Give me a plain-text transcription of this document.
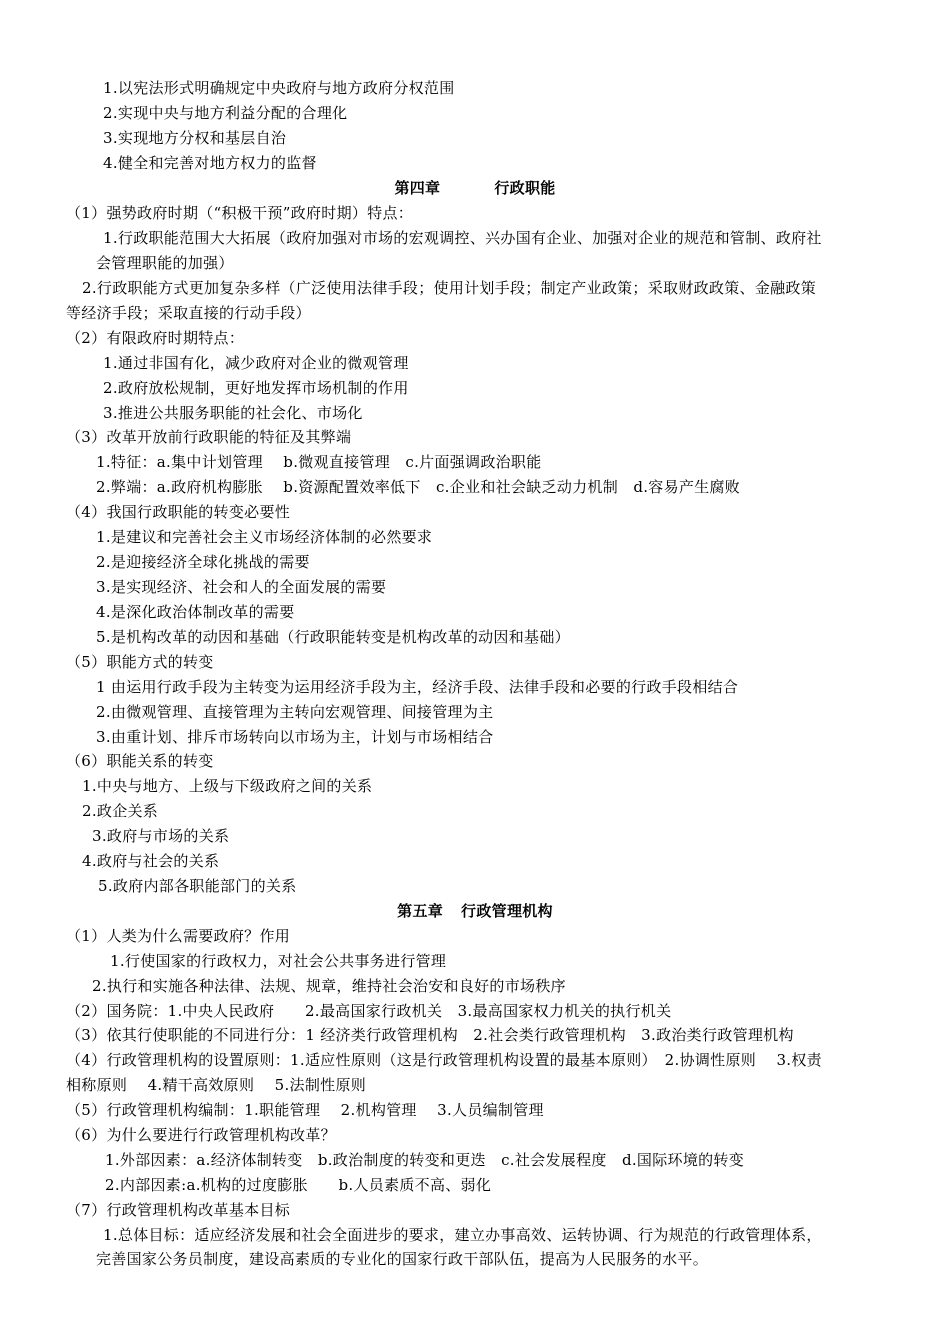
1.以宪法形式明确规定中央政府与地方政府分权范围
2.实现中央与地方利益分配的合理化
3.实现地方分权和基层自治
4.健全和完善对地方权力的监督
第四章	行政职能
（1）强势政府时期（“积极干预”政府时期）特点：
1.行政职能范围大大拓展（政府加强对市场的宏观调控、兴办国有企业、加强对企业的规范和管制、政府社
会管理职能的加强）
2.行政职能方式更加复杂多样（广泛使用法律手段；使用计划手段；制定产业政策；采取财政政策、金融政策
等经济手段；采取直接的行动手段）
（2）有限政府时期特点：
1.通过非国有化，减少政府对企业的微观管理
2.政府放松规制，更好地发挥市场机制的作用
3.推进公共服务职能的社会化、市场化
（3）改革开放前行政职能的特征及其弊端
1.特征：a.集中计划管理　 b.微观直接管理　c.片面强调政治职能
2.弊端：a.政府机构膨胀　 b.资源配置效率低下　c.企业和社会缺乏动力机制　d.容易产生腐败
（4）我国行政职能的转变必要性
1.是建议和完善社会主义市场经济体制的必然要求
2.是迎接经济全球化挑战的需要
3.是实现经济、社会和人的全面发展的需要
4.是深化政治体制改革的需要
5.是机构改革的动因和基础（行政职能转变是机构改革的动因和基础）
（5）职能方式的转变
1 由运用行政手段为主转变为运用经济手段为主，经济手段、法律手段和必要的行政手段相结合
2.由微观管理、直接管理为主转向宏观管理、间接管理为主
3.由重计划、排斥市场转向以市场为主，计划与市场相结合
（6）职能关系的转变
1.中央与地方、上级与下级政府之间的关系
2.政企关系
3.政府与市场的关系
4.政府与社会的关系
5.政府内部各职能部门的关系
第五章 行政管理机构
（1）人类为什么需要政府？作用
1.行使国家的行政权力，对社会公共事务进行管理
2.执行和实施各种法律、法规、规章，维持社会治安和良好的市场秩序
（2）国务院：1.中央人民政府　　2.最高国家行政机关　3.最高国家权力机关的执行机关
（3）依其行使职能的不同进行分：1 经济类行政管理机构　2.社会类行政管理机构　3.政治类行政管理机构
（4）行政管理机构的设置原则：1.适应性原则（这是行政管理机构设置的最基本原则）　2.协调性原则　 3.权责
相称原则　 4.精干高效原则　 5.法制性原则
（5）行政管理机构编制：1.职能管理　 2.机构管理　 3.人员编制管理
（6）为什么要进行行政管理机构改革？
1.外部因素：a.经济体制转变　b.政治制度的转变和更迭　c.社会发展程度　d.国际环境的转变
2.内部因素:a.机构的过度膨胀　　b.人员素质不高、弱化
（7）行政管理机构改革基本目标
1.总体目标：适应经济发展和社会全面进步的要求，建立办事高效、运转协调、行为规范的行政管理体系，
完善国家公务员制度，建设高素质的专业化的国家行政干部队伍，提高为人民服务的水平。
